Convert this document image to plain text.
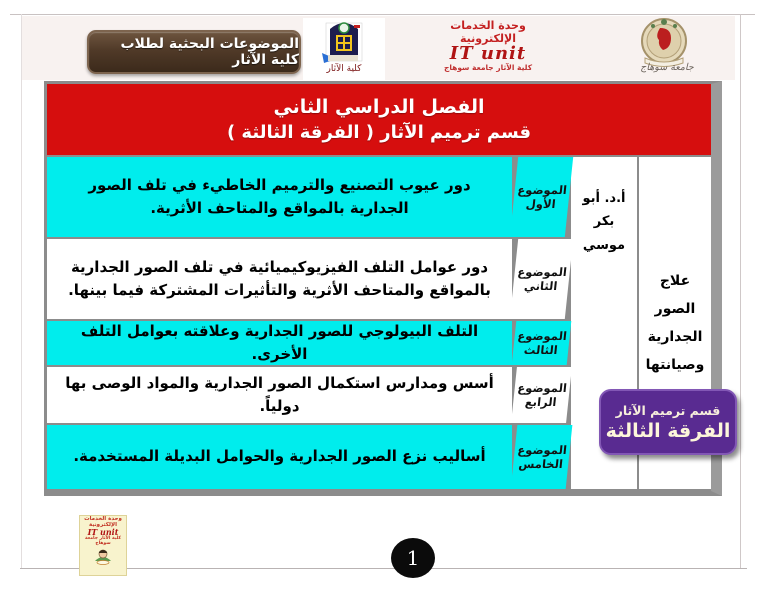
الموضوعات البحثية لطلاب كلية الآثار
كلية الآثار
وحدة الخدمات
الإلكترونية
IT unit
كلية الآثار جامعة سوهاج	جامعة سوهاج
الفصل الدراسي الثاني
قسم ترميم الآثار ( الفرقة الثالثة )
علاج الصور الجدارية وصيانتها
أ.د. أبو بكر موسي
الموضوع الأول
دور عيوب التصنيع والترميم الخاطيء في تلف الصور الجدارية بالمواقع والمتاحف الأثرية.
الموضوع الثاني
دور عوامل التلف الفيزيوكيميائية في تلف الصور الجدارية بالمواقع والمتاحف الأثرية والتأثيرات المشتركة فيما بينها.
الموضوع الثالث
التلف البيولوجي للصور الجدارية وعلاقته بعوامل التلف الأخرى.
الموضوع الرابع
أسس ومدارس استكمال الصور الجدارية والمواد الوصى بها دولياً.
الموضوع الخامس
أساليب نزع الصور الجدارية والحوامل البديلة المستخدمة.
قسم ترميم الآثار
الفرقة الثالثة
وحدة الخدمات
الإلكترونية
IT unit
كلية الآثار جامعة سوهاج
1
